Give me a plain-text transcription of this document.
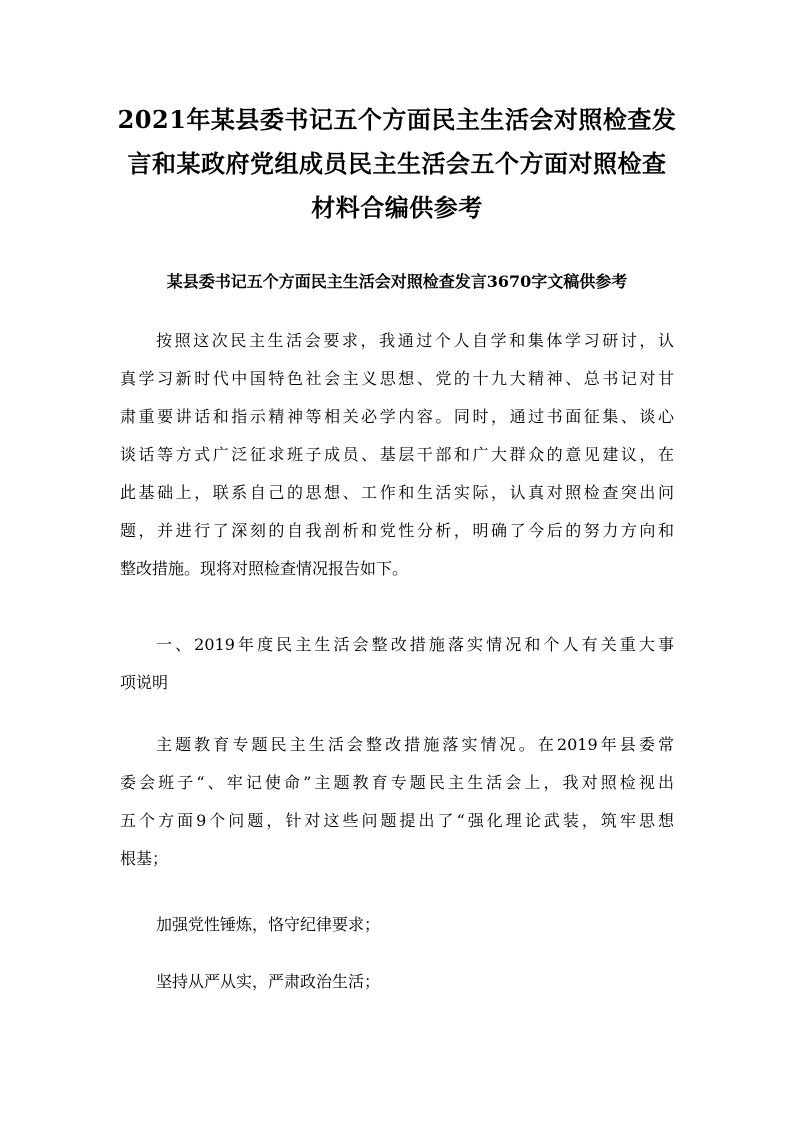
2021年某县委书记五个方面民主生活会对照检查发
言和某政府党组成员民主生活会五个方面对照检查
材料合编供参考
某县委书记五个方面民主生活会对照检查发言3670字文稿供参考

按照这次民主生活会要求，我通过个人自学和集体学习研讨，认
真学习新时代中国特色社会主义思想、党的十九大精神、总书记对甘
肃重要讲话和指示精神等相关必学内容。同时，通过书面征集、谈心
谈话等方式广泛征求班子成员、基层干部和广大群众的意见建议，在
此基础上，联系自己的思想、工作和生活实际，认真对照检查突出问
题，并进行了深刻的自我剖析和党性分析，明确了今后的努力方向和
整改措施。现将对照检查情况报告如下。

一、2019年度民主生活会整改措施落实情况和个人有关重大事
项说明

主题教育专题民主生活会整改措施落实情况。在2019年县委常
委会班子“、牢记使命”主题教育专题民主生活会上，我对照检视出
五个方面9个问题，针对这些问题提出了“强化理论武装，筑牢思想
根基；

加强党性锤炼，恪守纪律要求；

坚持从严从实，严肃政治生活；
